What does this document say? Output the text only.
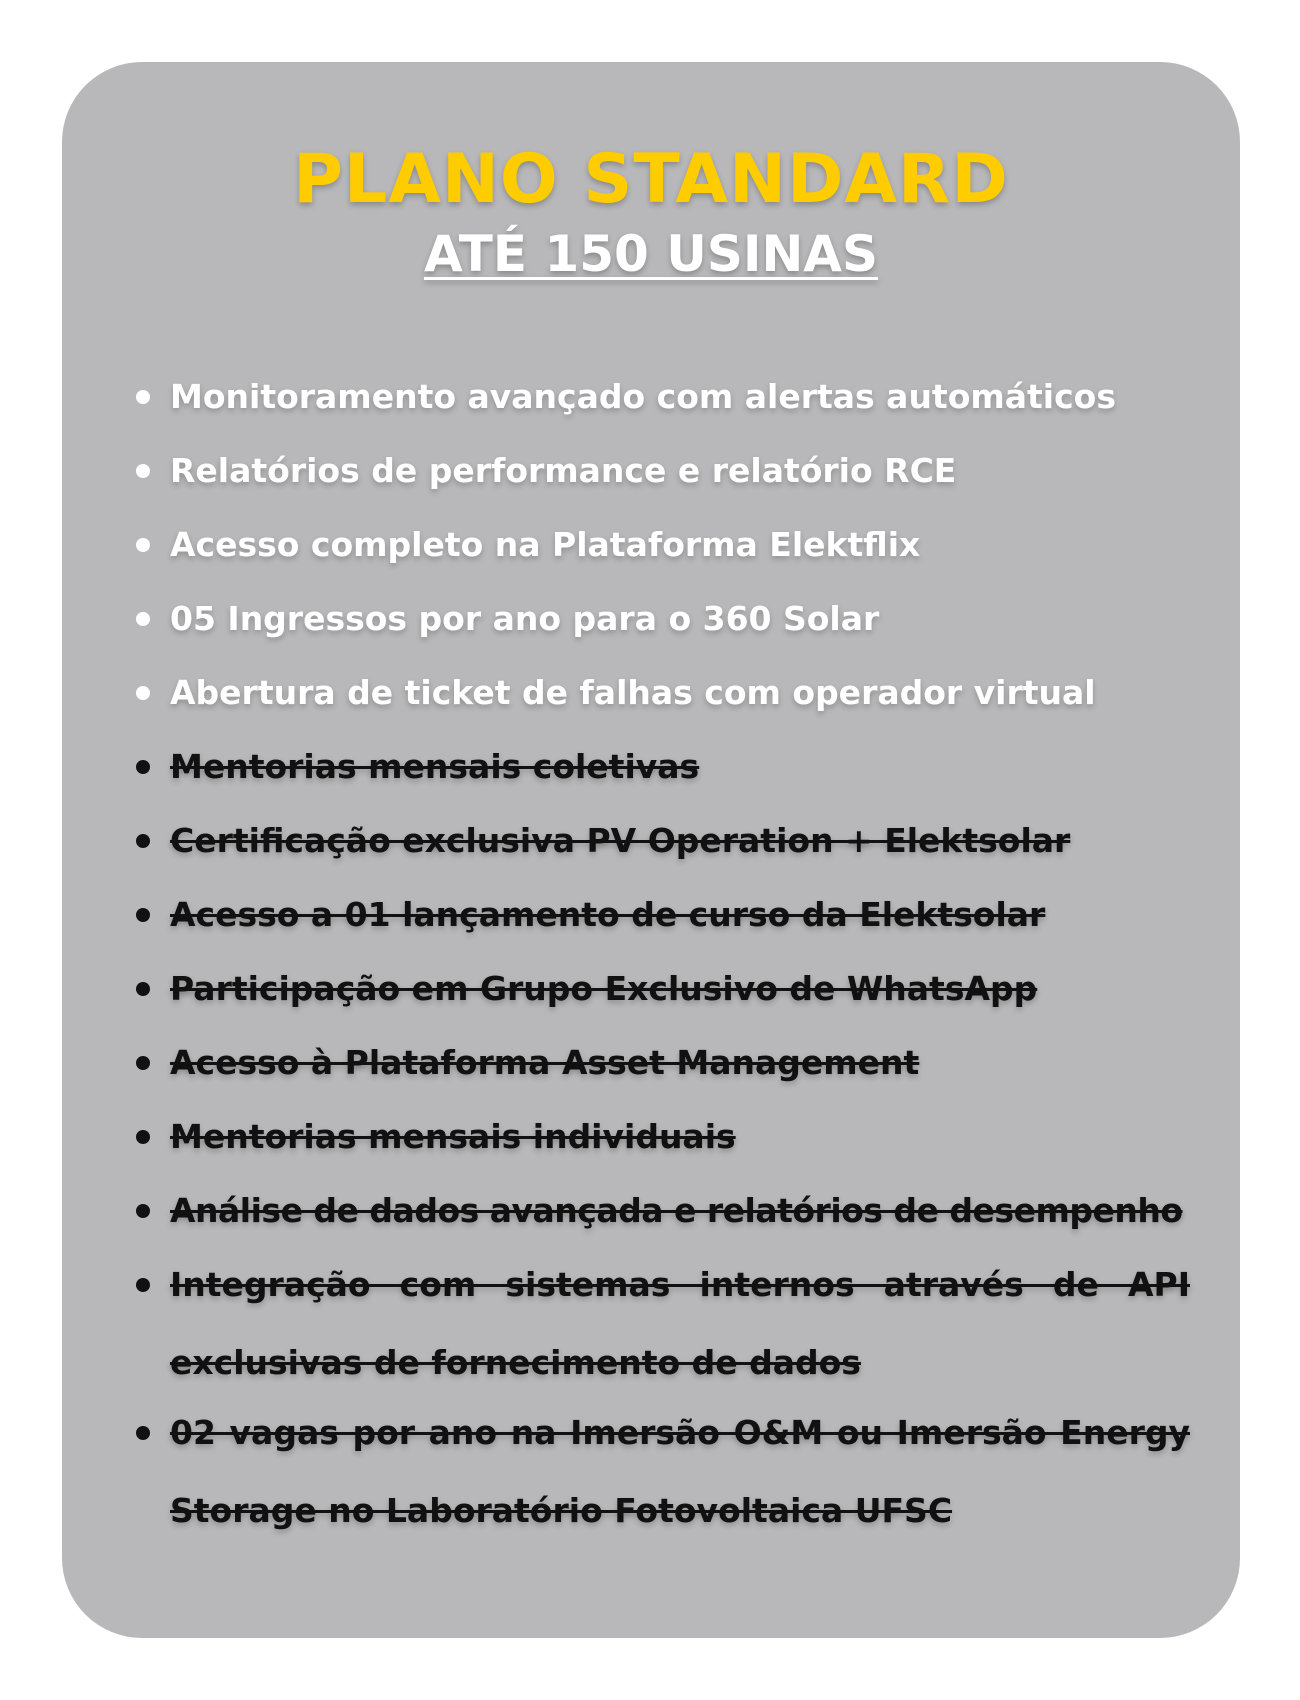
PLANO STANDARD
ATÉ 150 USINAS
Monitoramento avançado com alertas automáticos
Relatórios de performance e relatório RCE
Acesso completo na Plataforma Elektflix
05 Ingressos por ano para o 360 Solar
Abertura de ticket de falhas com operador virtual
Mentorias mensais coletivas
Certificação exclusiva PV Operation + Elektsolar
Acesso a 01 lançamento de curso da Elektsolar
Participação em Grupo Exclusivo de WhatsApp
Acesso à Plataforma Asset Management
Mentorias mensais individuais
Análise de dados avançada e relatórios de desempenho
Integração com sistemas internos através de API exclusivas de fornecimento de dados
02 vagas por ano na Imersão O&M ou Imersão Energy Storage no Laboratório Fotovoltaica UFSC
